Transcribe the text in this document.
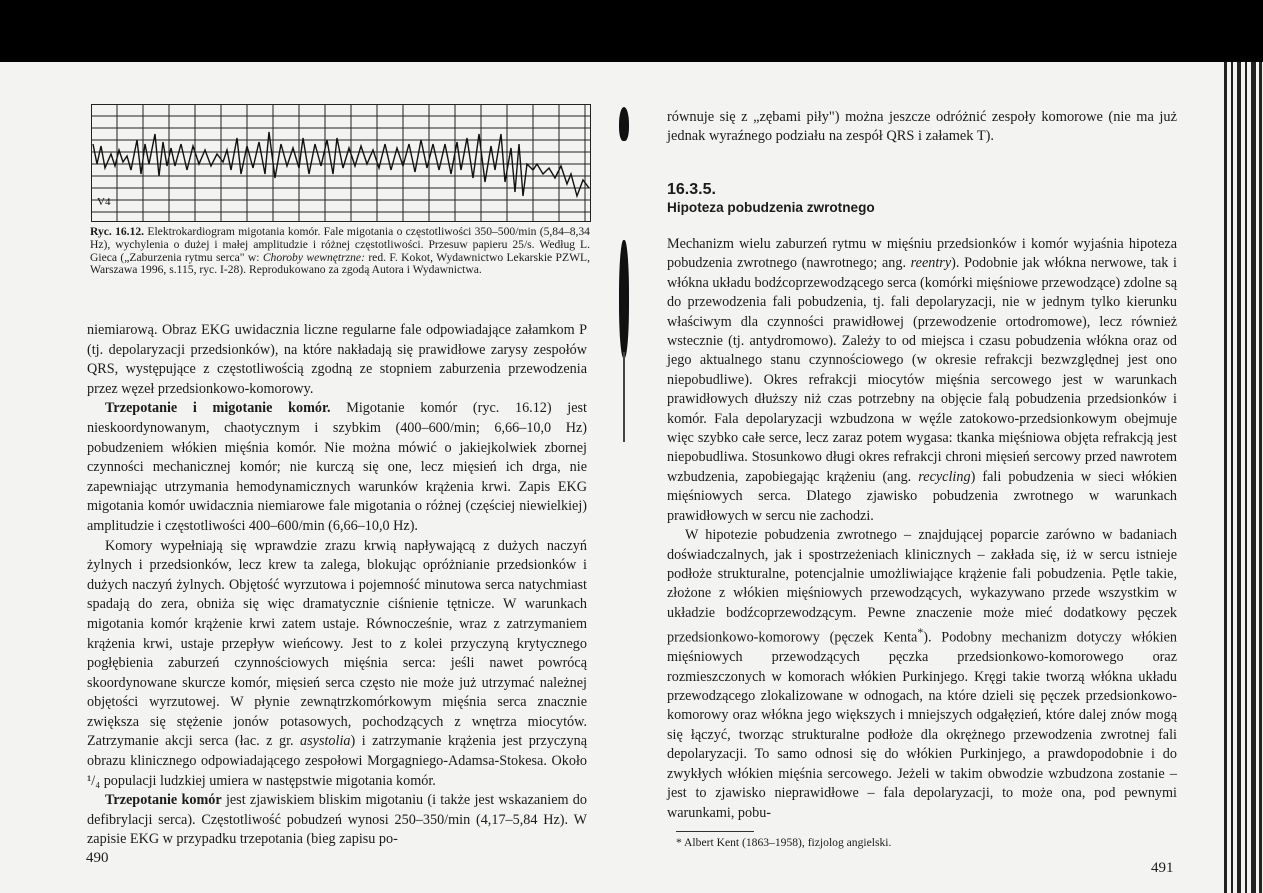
V4
Ryc. 16.12. Elektrokardiogram migotania komór. Fale migotania o częstotliwości 350–500/min (5,84–8,34 Hz), wychylenia o dużej i małej amplitudzie i różnej częstotliwości. Przesuw papieru 25/s. Według L. Gieca („Zaburzenia rytmu serca" w: Choroby wewnętrzne: red. F. Kokot, Wydawnictwo Lekarskie PZWL, Warszawa 1996, s.115, ryc. I-28). Reprodukowano za zgodą Autora i Wydawnictwa.

niemiarową. Obraz EKG uwidacznia liczne regularne fale odpowiadające załamkom P (tj. depolaryzacji przedsionków), na które nakładają się prawidłowe zarysy zespołów QRS, występujące z częstotliwością zgodną ze stopniem zaburzenia przewodzenia przez węzeł przedsionkowo-komorowy.

Trzepotanie i migotanie komór. Migotanie komór (ryc. 16.12) jest nieskoordynowanym, chaotycznym i szybkim (400–600/min; 6,66–10,0 Hz) pobudzeniem włókien mięśnia komór. Nie można mówić o jakiejkolwiek zbornej czynności mechanicznej komór; nie kurczą się one, lecz mięsień ich drga, nie zapewniając utrzymania hemodynamicznych warunków krążenia krwi. Zapis EKG migotania komór uwidacznia niemiarowe fale migotania o różnej (częściej niewielkiej) amplitudzie i częstotliwości 400–600/min (6,66–10,0 Hz).

Komory wypełniają się wprawdzie zrazu krwią napływającą z dużych naczyń żylnych i przedsionków, lecz krew ta zalega, blokując opróżnianie przedsionków i dużych naczyń żylnych. Objętość wyrzutowa i pojemność minutowa serca natychmiast spadają do zera, obniża się więc dramatycznie ciśnienie tętnicze. W warunkach migotania komór krążenie krwi zatem ustaje. Równocześnie, wraz z zatrzymaniem krążenia krwi, ustaje przepływ wieńcowy. Jest to z kolei przyczyną krytycznego pogłębienia zaburzeń czynnościowych mięśnia serca: jeśli nawet powrócą skoordynowane skurcze komór, mięsień serca często nie może już utrzymać należnej objętości wyrzutowej. W płynie zewnątrzkomórkowym mięśnia serca znacznie zwiększa się stężenie jonów potasowych, pochodzących z wnętrza miocytów. Zatrzymanie akcji serca (łac. z gr. asystolia) i zatrzymanie krążenia jest przyczyną obrazu klinicznego odpowiadającego zespołowi Morgagniego-Adamsa-Stokesa. Około ¹/₄ populacji ludzkiej umiera w następstwie migotania komór.

Trzepotanie komór jest zjawiskiem bliskim migotaniu (i także jest wskazaniem do defibrylacji serca). Częstotliwość pobudzeń wynosi 250–350/min (4,17–5,84 Hz). W zapisie EKG w przypadku trzepotania (bieg zapisu po-

490
równuje się z „zębami piły") można jeszcze odróżnić zespoły komorowe (nie ma już jednak wyraźnego podziału na zespół QRS i załamek T).
16.3.5.
Hipoteza pobudzenia zwrotnego

Mechanizm wielu zaburzeń rytmu w mięśniu przedsionków i komór wyjaśnia hipoteza pobudzenia zwrotnego (nawrotnego; ang. reentry). Podobnie jak włókna nerwowe, tak i włókna układu bodźcoprzewodzącego serca (komórki mięśniowe przewodzące) zdolne są do przewodzenia fali pobudzenia, tj. fali depolaryzacji, nie w jednym tylko kierunku właściwym dla czynności prawidłowej (przewodzenie ortodromowe), lecz również wstecznie (tj. antydromowo). Zależy to od miejsca i czasu pobudzenia włókna oraz od jego aktualnego stanu czynnościowego (w okresie refrakcji bezwzględnej jest ono niepobudliwe). Okres refrakcji miocytów mięśnia sercowego jest w warunkach prawidłowych dłuższy niż czas potrzebny na objęcie falą pobudzenia przedsionków i komór. Fala depolaryzacji wzbudzona w węźle zatokowo-przedsionkowym obejmuje więc szybko całe serce, lecz zaraz potem wygasa: tkanka mięśniowa objęta refrakcją jest niepobudliwa. Stosunkowo długi okres refrakcji chroni mięsień sercowy przed nawrotem wzbudzenia, zapobiegając krążeniu (ang. recycling) fali pobudzenia w sieci włókien mięśniowych serca. Dlatego zjawisko pobudzenia zwrotnego w warunkach prawidłowych w sercu nie zachodzi.

W hipotezie pobudzenia zwrotnego – znajdującej poparcie zarówno w badaniach doświadczalnych, jak i spostrzeżeniach klinicznych – zakłada się, iż w sercu istnieje podłoże strukturalne, potencjalnie umożliwiające krążenie fali pobudzenia. Pętle takie, złożone z włókien mięśniowych przewodzących, wykazywano przede wszystkim w układzie bodźcoprzewodzącym. Pewne znaczenie może mieć dodatkowy pęczek przedsionkowo-komorowy (pęczek Kenta*). Podobny mechanizm dotyczy włókien mięśniowych przewodzących pęczka przedsionkowo-komorowego oraz rozmieszczonych w komorach włókien Purkinjego. Kręgi takie tworzą włókna układu przewodzącego zlokalizowane w odnogach, na które dzieli się pęczek przedsionkowo-komorowy oraz włókna jego większych i mniejszych odgałęzień, które dalej znów mogą się łączyć, tworząc strukturalne podłoże dla okrężnego przewodzenia zwrotnej fali depolaryzacji. To samo odnosi się do włókien Purkinjego, a prawdopodobnie i do zwykłych włókien mięśnia sercowego. Jeżeli w takim obwodzie wzbudzona zostanie – jest to zjawisko nieprawidłowe – fala depolaryzacji, to może ona, pod pewnymi warunkami, pobu-

* Albert Kent (1863–1958), fizjolog angielski.
491
